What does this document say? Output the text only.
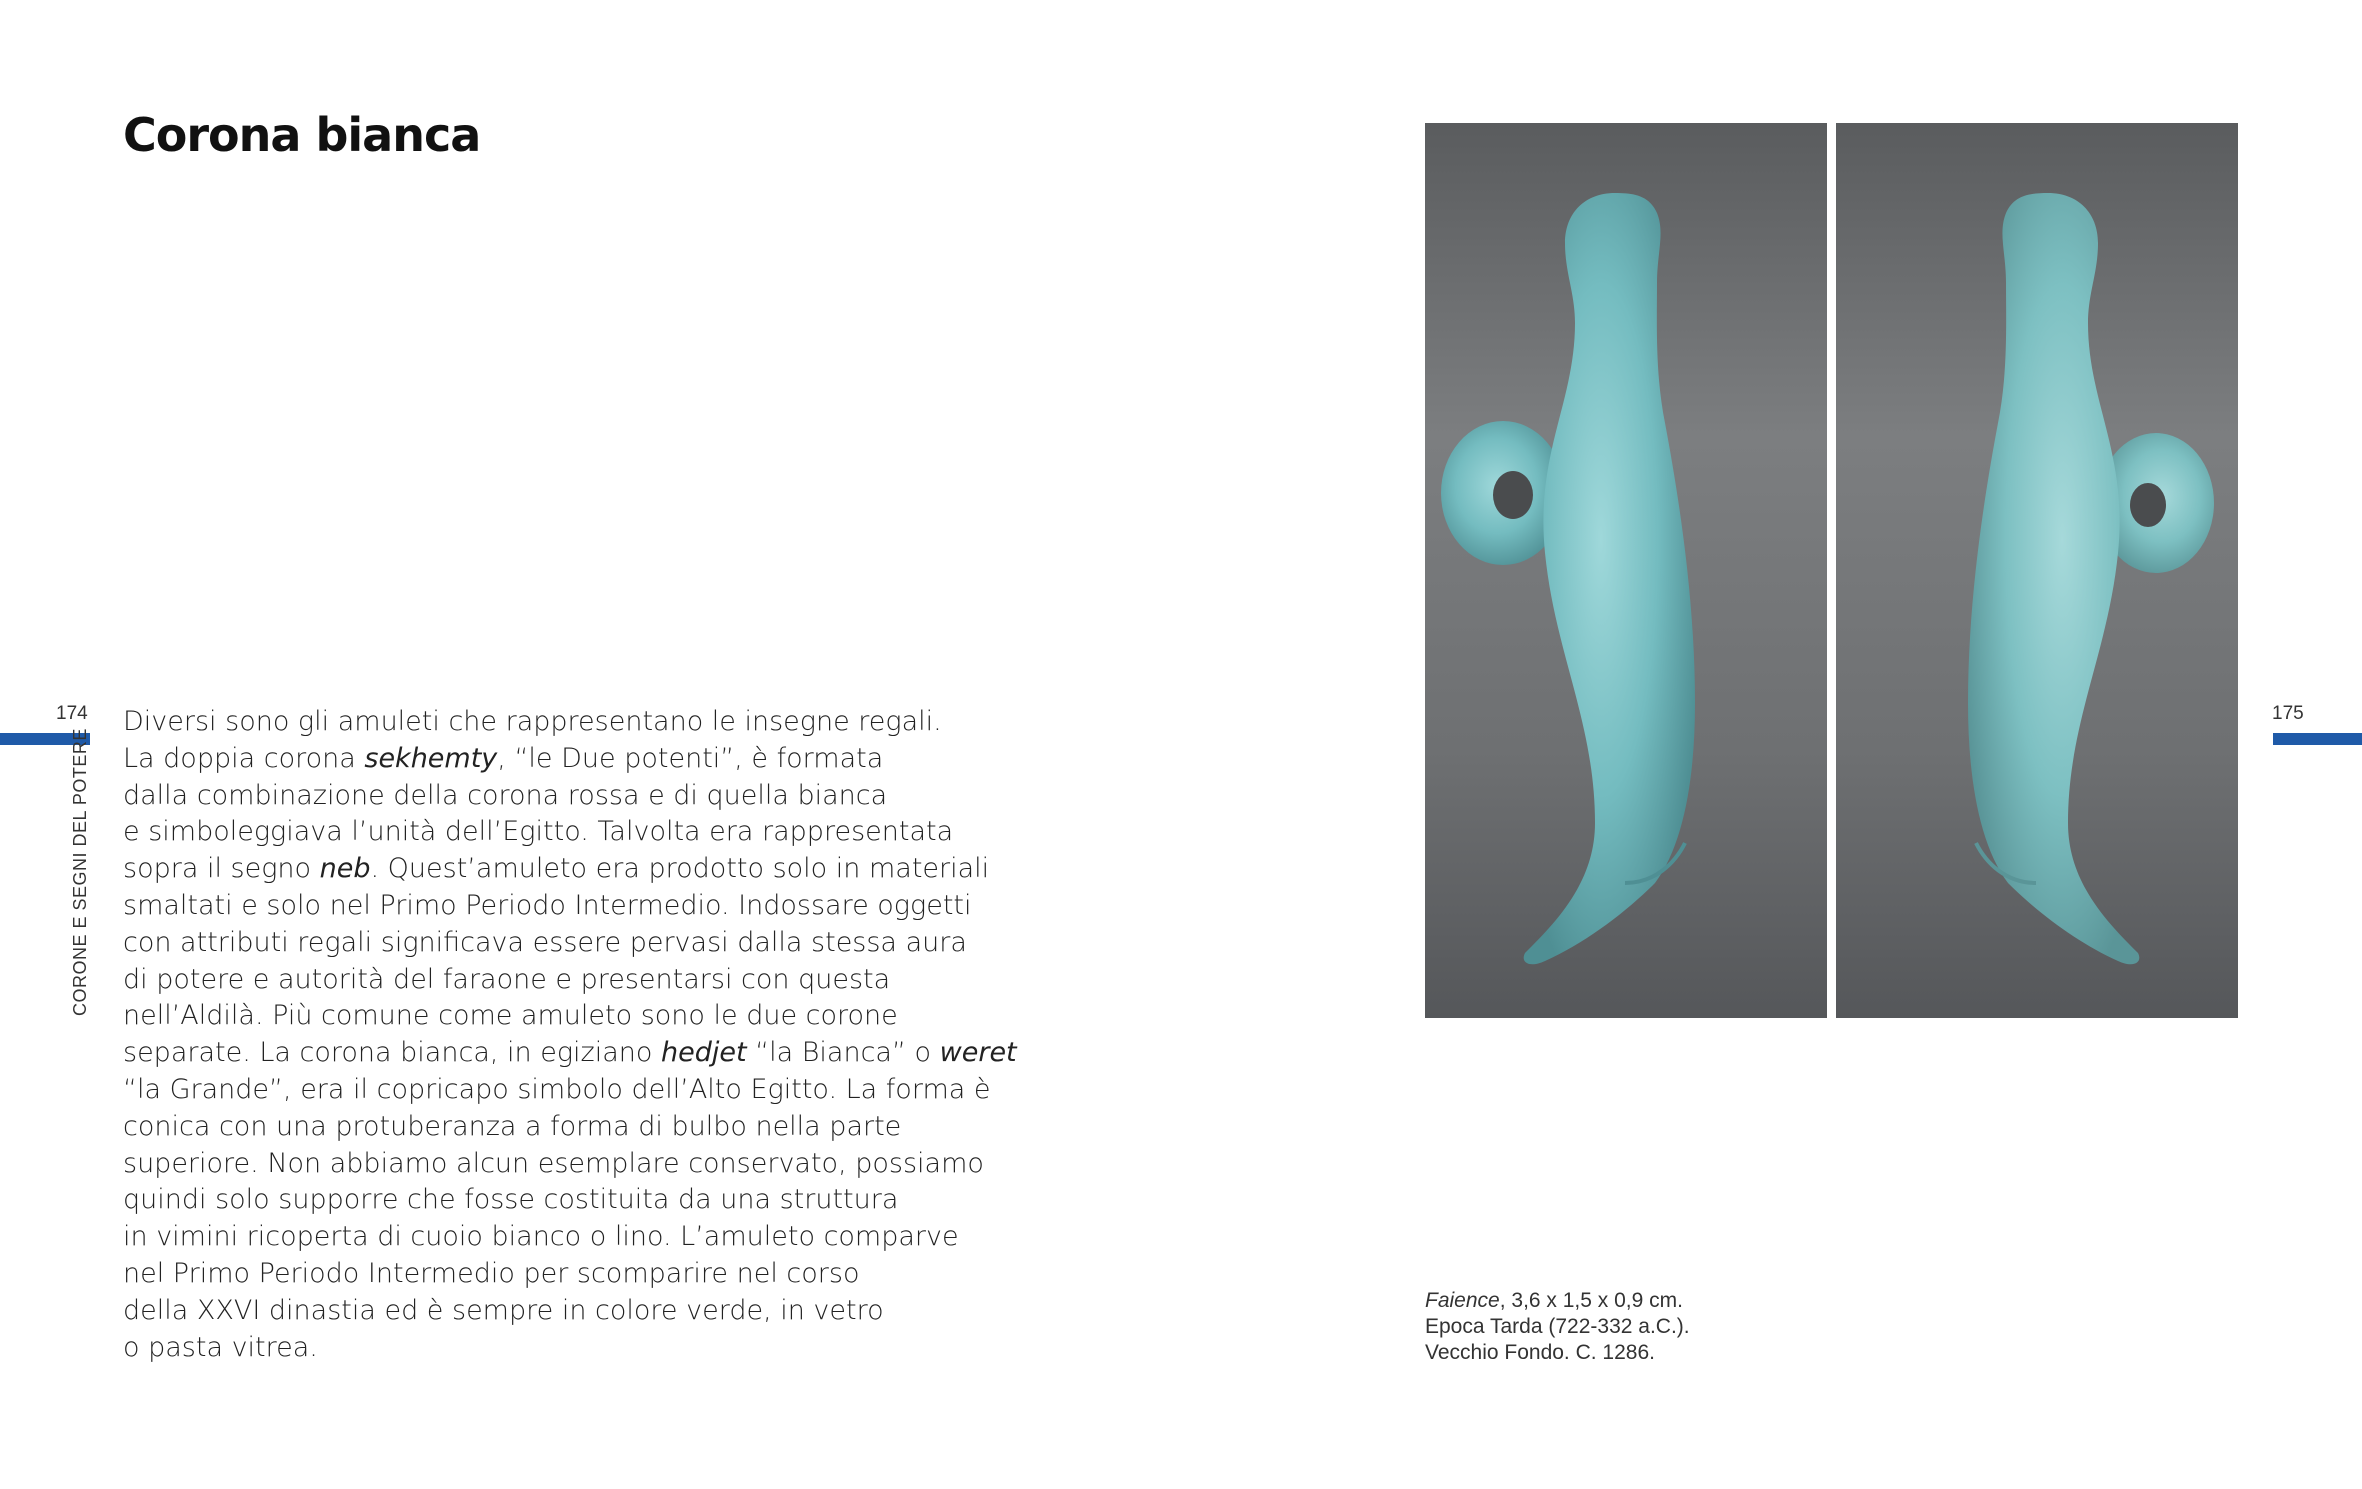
Corona bianca
174
CORONE E SEGNI DEL POTERE
Diversi sono gli amuleti che rappresentano le insegne regali.
La doppia corona sekhemty, “le Due potenti”, è formata
dalla combinazione della corona rossa e di quella bianca
e simboleggiava l’unità dell’Egitto. Talvolta era rappresentata
sopra il segno neb. Quest’amuleto era prodotto solo in materiali
smaltati e solo nel Primo Periodo Intermedio. Indossare oggetti
con attributi regali significava essere pervasi dalla stessa aura
di potere e autorità del faraone e presentarsi con questa
nell’Aldilà. Più comune come amuleto sono le due corone
separate. La corona bianca, in egiziano hedjet “la Bianca” o weret
“la Grande”, era il copricapo simbolo dell’Alto Egitto. La forma è
conica con una protuberanza a forma di bulbo nella parte
superiore. Non abbiamo alcun esemplare conservato, possiamo
quindi solo supporre che fosse costituita da una struttura
in vimini ricoperta di cuoio bianco o lino. L’amuleto comparve
nel Primo Periodo Intermedio per scomparire nel corso
della XXVI dinastia ed è sempre in colore verde, in vetro
o pasta vitrea.
175
Faience, 3,6 x 1,5 x 0,9 cm.
Epoca Tarda (722-332 a.C.).
Vecchio Fondo. C. 1286.
